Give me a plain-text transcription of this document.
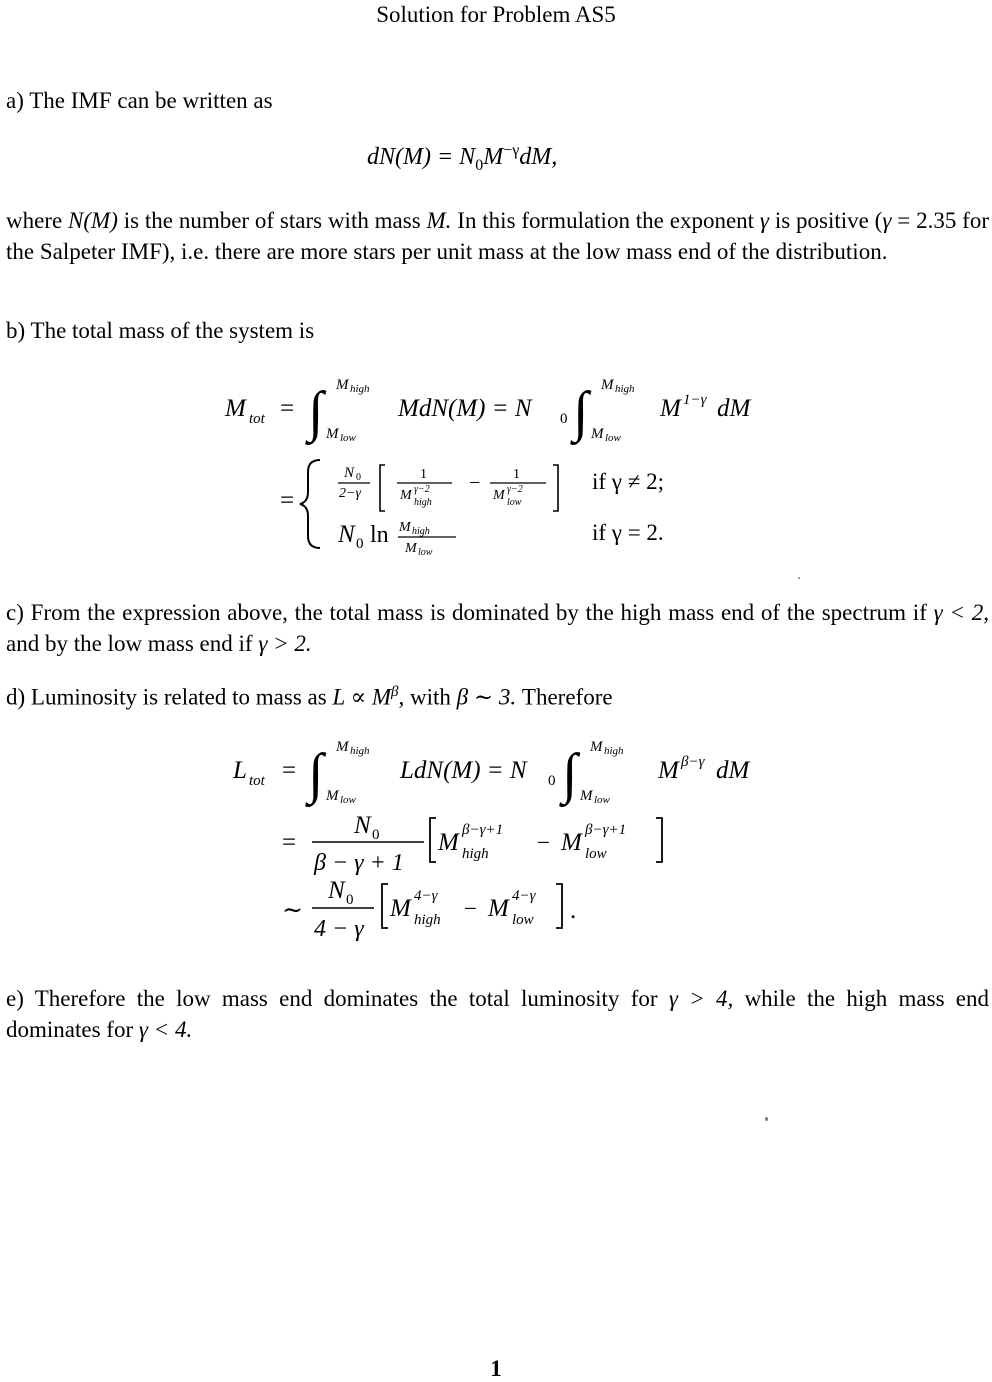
Solution for Problem AS5

a) The IMF can be written as

$dN(M) = N_0M^{-\gamma}dM$,

where N(M) is the number of stars with mass M. In this formulation the exponent γ is positive (γ = 2.35 for the Salpeter IMF), i.e. there are more stars per unit mass at the low mass end of the distribution.

b) The total mass of the system is

M tot = ∫ M high
M low
MdN(M) = N 0 ∫ M high
M low
M 1−γ dM
=
N 0
2−γ
1
M γ−2
high
− 1
M γ−2
low
if γ ≠ 2;
N 0 ln M high
M low
if γ = 2.

c) From the expression above, the total mass is dominated by the high mass end of the spectrum if γ < 2, and by the low mass end if γ > 2.

d) Luminosity is related to mass as $L \propto M^\beta$, with β ∼ 3. Therefore

L tot = ∫ M high
M low
LdN(M) = N 0 ∫ M high
M low
M β−γ dM
=
N 0
β − γ + 1
M β−γ+1
high − M β−γ+1
low
∼
N 0
4 − γ
M 4−γ
high − M 4−γ
low .

e) Therefore the low mass end dominates the total luminosity for γ > 4, while the high mass end dominates for γ < 4.

1
